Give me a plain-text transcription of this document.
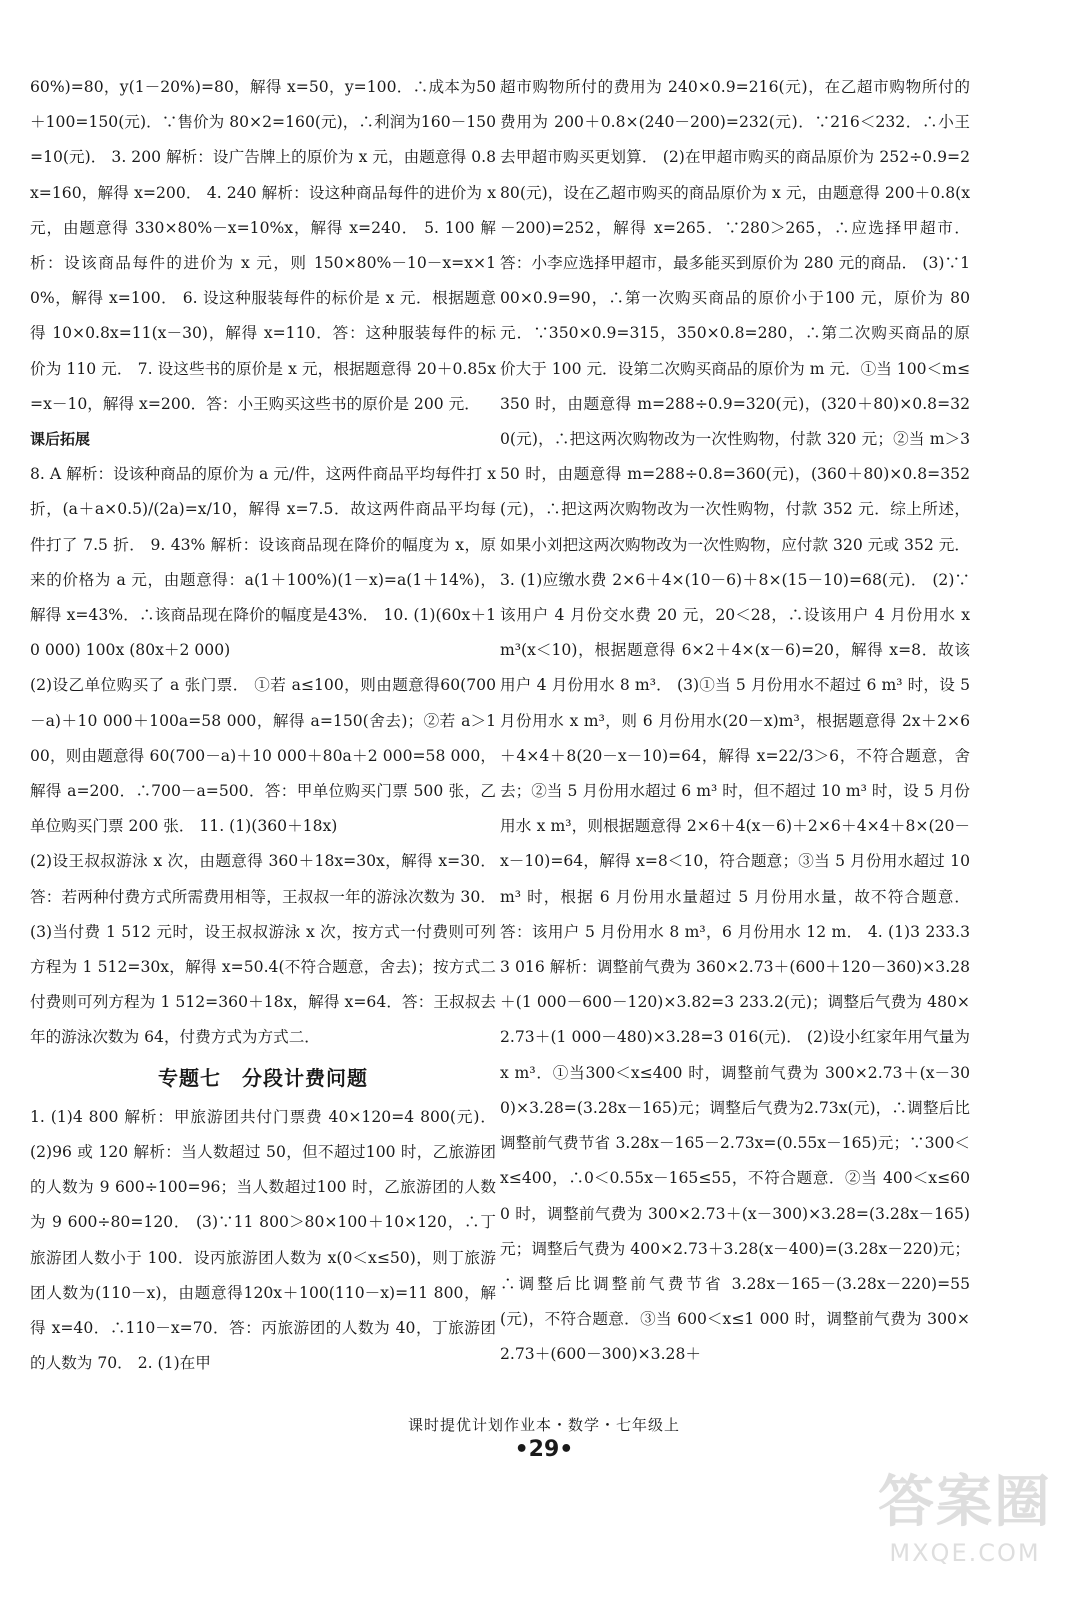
60%)=80，y(1－20%)=80，解得 x=50，y=100．∴成本为50＋100=150(元)．∵售价为 80×2=160(元)，∴利润为160－150=10(元)． 3. 200 解析：设广告牌上的原价为 x 元，由题意得 0.8x=160，解得 x=200． 4. 240 解析：设这种商品每件的进价为 x 元，由题意得 330×80%－x=10%x，解得 x=240． 5. 100 解析：设该商品每件的进价为 x 元，则 150×80%－10－x=x×10%，解得 x=100． 6. 设这种服装每件的标价是 x 元．根据题意得 10×0.8x=11(x－30)，解得 x=110．答：这种服装每件的标价为 110 元． 7. 设这些书的原价是 x 元，根据题意得 20＋0.85x=x－10，解得 x=200．答：小王购买这些书的原价是 200 元．

课后拓展

8. A 解析：设该种商品的原价为 a 元/件，这两件商品平均每件打 x 折，(a＋a×0.5)/(2a)=x/10，解得 x=7.5．故这两件商品平均每件打了 7.5 折． 9. 43% 解析：设该商品现在降价的幅度为 x，原来的价格为 a 元，由题意得：a(1＋100%)(1－x)=a(1＋14%)，解得 x=43%．∴该商品现在降价的幅度是43%． 10. (1)(60x＋10 000) 100x (80x＋2 000)

(2)设乙单位购买了 a 张门票． ①若 a≤100，则由题意得60(700－a)＋10 000＋100a=58 000，解得 a=150(舍去)；②若 a＞100，则由题意得 60(700－a)＋10 000＋80a＋2 000=58 000，解得 a=200．∴700－a=500．答：甲单位购买门票 500 张，乙单位购买门票 200 张． 11. (1)(360＋18x)

(2)设王叔叔游泳 x 次，由题意得 360＋18x=30x，解得 x=30．答：若两种付费方式所需费用相等，王叔叔一年的游泳次数为 30． (3)当付费 1 512 元时，设王叔叔游泳 x 次，按方式一付费则可列方程为 1 512=30x，解得 x=50.4(不符合题意，舍去)；按方式二付费则可列方程为 1 512=360＋18x，解得 x=64．答：王叔叔去年的游泳次数为 64，付费方式为方式二．

专题七　分段计费问题

1. (1)4 800 解析：甲旅游团共付门票费 40×120=4 800(元)． (2)96 或 120 解析：当人数超过 50，但不超过100 时，乙旅游团的人数为 9 600÷100=96；当人数超过100 时，乙旅游团的人数为 9 600÷80=120． (3)∵11 800＞80×100＋10×120，∴丁旅游团人数小于 100．设丙旅游团人数为 x(0＜x≤50)，则丁旅游团人数为(110－x)，由题意得120x＋100(110－x)=11 800，解得 x=40．∴110－x=70．答：丙旅游团的人数为 40，丁旅游团的人数为 70． 2. (1)在甲

超市购物所付的费用为 240×0.9=216(元)，在乙超市购物所付的费用为 200＋0.8×(240－200)=232(元)．∵216＜232．∴小王去甲超市购买更划算． (2)在甲超市购买的商品原价为 252÷0.9=280(元)，设在乙超市购买的商品原价为 x 元，由题意得 200＋0.8(x－200)=252，解得 x=265．∵280＞265，∴应选择甲超市．答：小李应选择甲超市，最多能买到原价为 280 元的商品． (3)∵100×0.9=90，∴第一次购买商品的原价小于100 元，原价为 80 元．∵350×0.9=315，350×0.8=280，∴第二次购买商品的原价大于 100 元．设第二次购买商品的原价为 m 元．①当 100＜m≤350 时，由题意得 m=288÷0.9=320(元)，(320＋80)×0.8=320(元)，∴把这两次购物改为一次性购物，付款 320 元；②当 m＞350 时，由题意得 m=288÷0.8=360(元)，(360＋80)×0.8=352(元)，∴把这两次购物改为一次性购物，付款 352 元．综上所述，如果小刘把这两次购物改为一次性购物，应付款 320 元或 352 元． 3. (1)应缴水费 2×6＋4×(10－6)＋8×(15－10)=68(元)． (2)∵该用户 4 月份交水费 20 元，20＜28，∴设该用户 4 月份用水 x m³(x＜10)，根据题意得 6×2＋4×(x－6)=20，解得 x=8．故该用户 4 月份用水 8 m³． (3)①当 5 月份用水不超过 6 m³ 时，设 5 月份用水 x m³，则 6 月份用水(20－x)m³，根据题意得 2x＋2×6＋4×4＋8(20－x－10)=64，解得 x=22/3＞6，不符合题意，舍去；②当 5 月份用水超过 6 m³ 时，但不超过 10 m³ 时，设 5 月份用水 x m³，则根据题意得 2×6＋4(x－6)＋2×6＋4×4＋8×(20－x－10)=64，解得 x=8＜10，符合题意；③当 5 月份用水超过 10 m³ 时，根据 6 月份用水量超过 5 月份用水量，故不符合题意．答：该用户 5 月份用水 8 m³，6 月份用水 12 m． 4. (1)3 233.3 3 016 解析：调整前气费为 360×2.73＋(600＋120－360)×3.28＋(1 000－600－120)×3.82=3 233.2(元)；调整后气费为 480×2.73＋(1 000－480)×3.28=3 016(元)． (2)设小红家年用气量为 x m³．①当300＜x≤400 时，调整前气费为 300×2.73＋(x－300)×3.28=(3.28x－165)元；调整后气费为2.73x(元)，∴调整后比调整前气费节省 3.28x－165－2.73x=(0.55x－165)元；∵300＜x≤400，∴0＜0.55x－165≤55，不符合题意．②当 400＜x≤600 时，调整前气费为 300×2.73＋(x－300)×3.28=(3.28x－165)元；调整后气费为 400×2.73＋3.28(x－400)=(3.28x－220)元；∴调整后比调整前气费节省 3.28x－165－(3.28x－220)=55(元)，不符合题意．③当 600＜x≤1 000 时，调整前气费为 300×2.73＋(600－300)×3.28＋

课时提优计划作业本・数学・七年级上
•29•
答案圈
MXQE.COM
